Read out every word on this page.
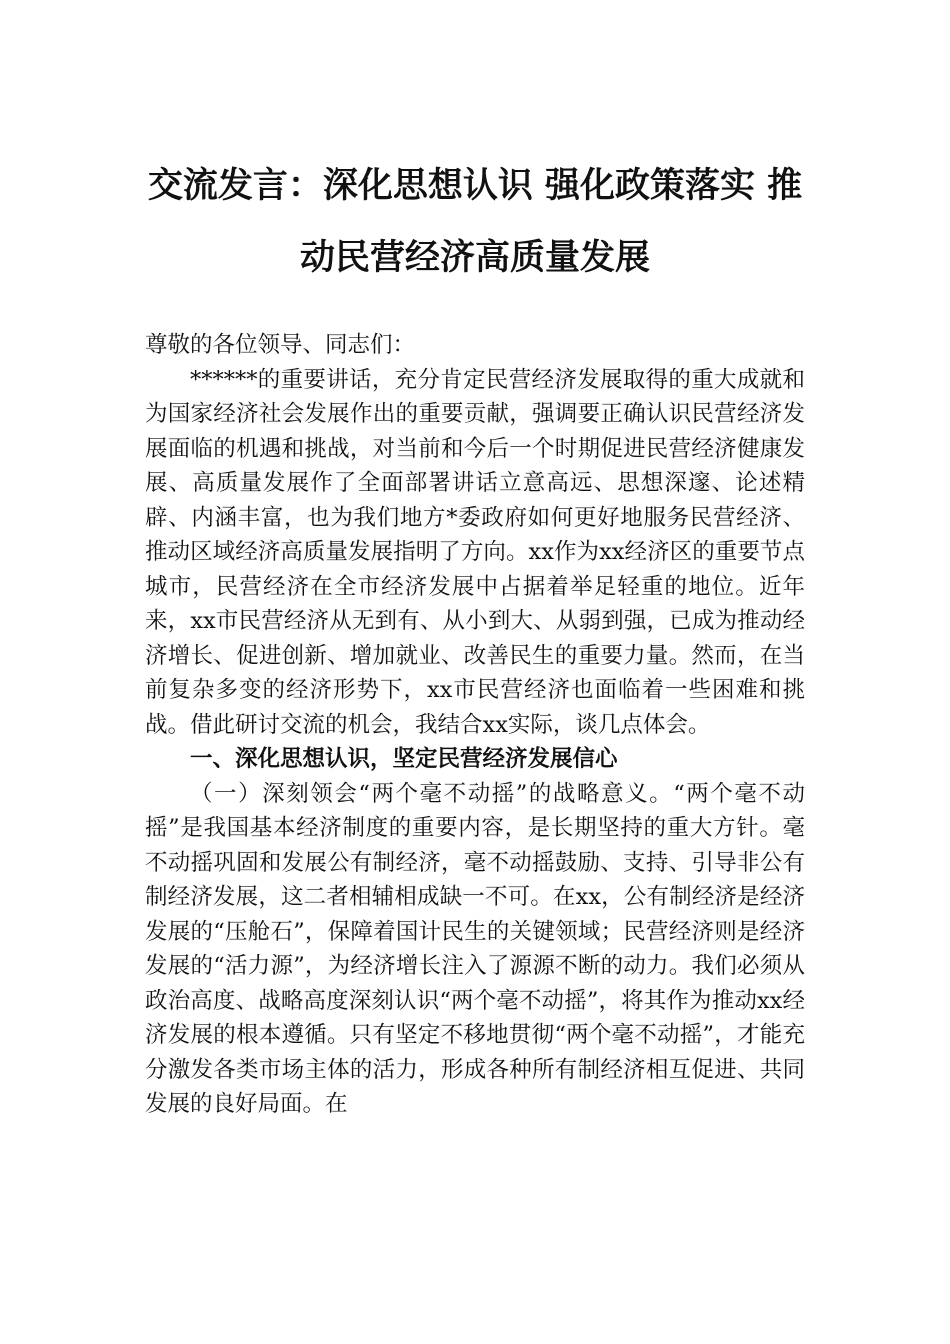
交流发言：深化思想认识 强化政策落实 推动民营经济高质量发展

尊敬的各位领导、同志们：

******的重要讲话，充分肯定民营经济发展取得的重大成就和为国家经济社会发展作出的重要贡献，强调要正确认识民营经济发展面临的机遇和挑战，对当前和今后一个时期促进民营经济健康发展、高质量发展作了全面部署讲话立意高远、思想深邃、论述精辟、内涵丰富，也为我们地方*委政府如何更好地服务民营经济、推动区域经济高质量发展指明了方向。xx作为xx经济区的重要节点城市，民营经济在全市经济发展中占据着举足轻重的地位。近年来，xx市民营经济从无到有、从小到大、从弱到强，已成为推动经济增长、促进创新、增加就业、改善民生的重要力量。然而，在当前复杂多变的经济形势下，xx市民营经济也面临着一些困难和挑战。借此研讨交流的机会，我结合xx实际，谈几点体会。

一、深化思想认识，坚定民营经济发展信心

（一）深刻领会“两个毫不动摇”的战略意义。“两个毫不动摇”是我国基本经济制度的重要内容，是长期坚持的重大方针。毫不动摇巩固和发展公有制经济，毫不动摇鼓励、支持、引导非公有制经济发展，这二者相辅相成缺一不可。在xx，公有制经济是经济发展的“压舱石”，保障着国计民生的关键领域；民营经济则是经济发展的“活力源”，为经济增长注入了源源不断的动力。我们必须从政治高度、战略高度深刻认识“两个毫不动摇”，将其作为推动xx经济发展的根本遵循。只有坚定不移地贯彻“两个毫不动摇”，才能充分激发各类市场主体的活力，形成各种所有制经济相互促进、共同发展的良好局面。在
